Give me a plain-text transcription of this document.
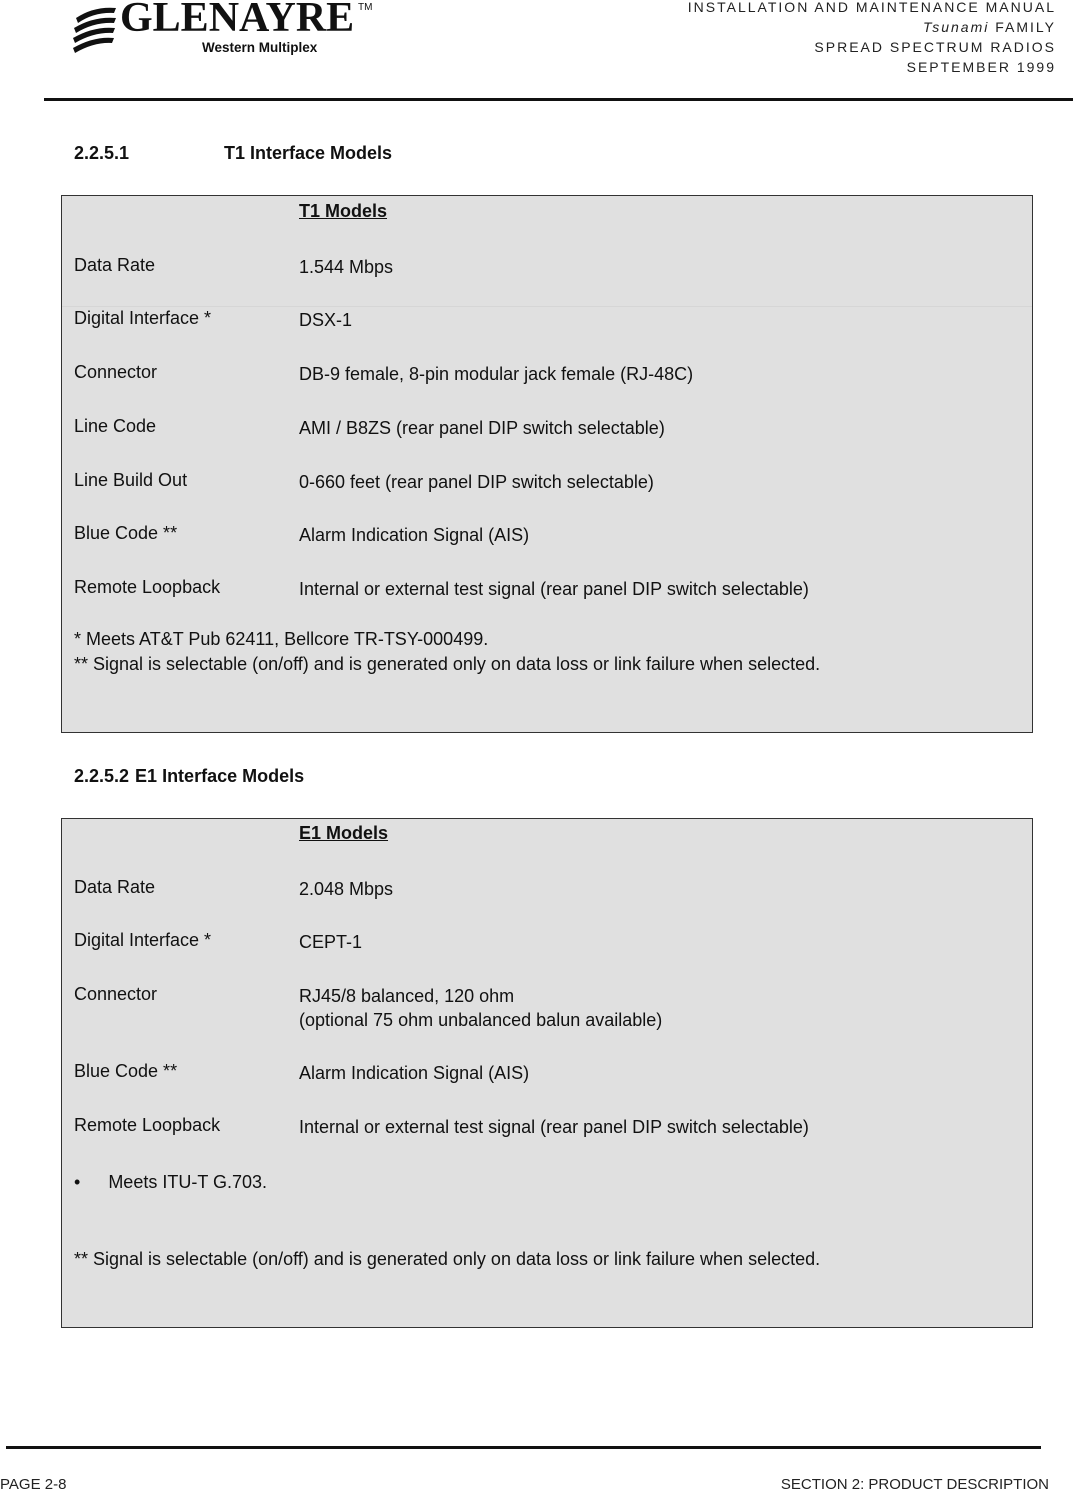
GLENAYRE TM
Western Multiplex
INSTALLATION AND MAINTENANCE MANUAL
Tsunami FAMILY
SPREAD SPECTRUM RADIOS
SEPTEMBER 1999
2.2.5.1	T1 Interface Models
T1 Models
Data Rate	1.544 Mbps
Digital Interface *	DSX-1
Connector	DB-9 female, 8-pin modular jack female (RJ-48C)
Line Code	AMI / B8ZS (rear panel DIP switch selectable)
Line Build Out	0-660 feet (rear panel DIP switch selectable)
Blue Code **	Alarm Indication Signal (AIS)
Remote Loopback	Internal or external test signal (rear panel DIP switch selectable)
* Meets AT&T Pub 62411, Bellcore TR-TSY-000499.
** Signal is selectable (on/off) and is generated only on data loss or link failure when selected.
2.2.5.2 E1 Interface Models
E1 Models
Data Rate	2.048 Mbps
Digital Interface *	CEPT-1
Connector	RJ45/8 balanced, 120 ohm
(optional 75 ohm unbalanced balun available)
Blue Code **	Alarm Indication Signal (AIS)
Remote Loopback	Internal or external test signal (rear panel DIP switch selectable)
• Meets ITU-T G.703.
** Signal is selectable (on/off) and is generated only on data loss or link failure when selected.
PAGE 2-8	SECTION 2: PRODUCT DESCRIPTION
